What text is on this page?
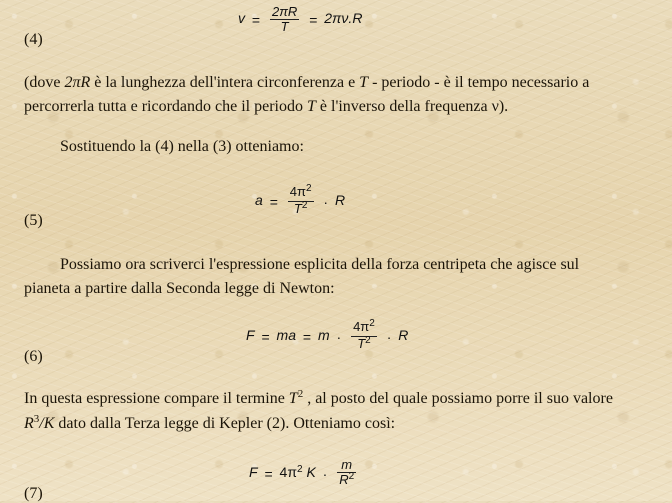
$v = \frac{2\pi R}{T} = 2\pi\nu.R$
(4)

(dove 2πR è la lunghezza dell'intera circonferenza e T - periodo - è il tempo necessario a
percorrerla tutta e ricordando che il periodo T è l'inverso della frequenza ν).

Sostituendo la (4) nella (3) otteniamo:

$a = \frac{4\pi^2}{T^2} \cdot R$
(5)

Possiamo ora scriverci l'espressione esplicita della forza centripeta che agisce sul
pianeta a partire dalla Seconda legge di Newton:

F = ma = $m \cdot \frac{4\pi^2}{T^2} \cdot R$
(6)

In questa espressione compare il termine $T^2$ , al posto del quale possiamo porre il suo valore
$R^3/K$ dato dalla Terza legge di Kepler (2). Otteniamo così:

$F = 4\pi^2$ $K \cdot \frac{m}{R^2}$
(7)
